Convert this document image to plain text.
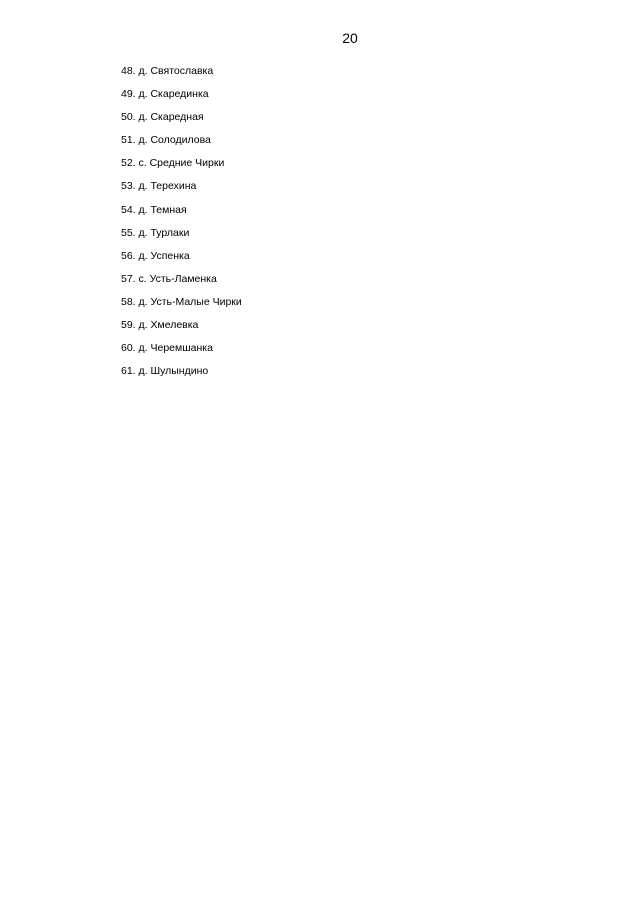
20
48. д. Святославка
49. д. Скарединка
50. д. Скаредная
51. д. Солодилова
52. с. Средние Чирки
53. д. Терехина
54. д. Темная
55. д. Турлаки
56. д. Успенка
57. с. Усть-Ламенка
58. д. Усть-Малые Чирки
59. д. Хмелевка
60. д. Черемшанка
61. д. Шулындино
